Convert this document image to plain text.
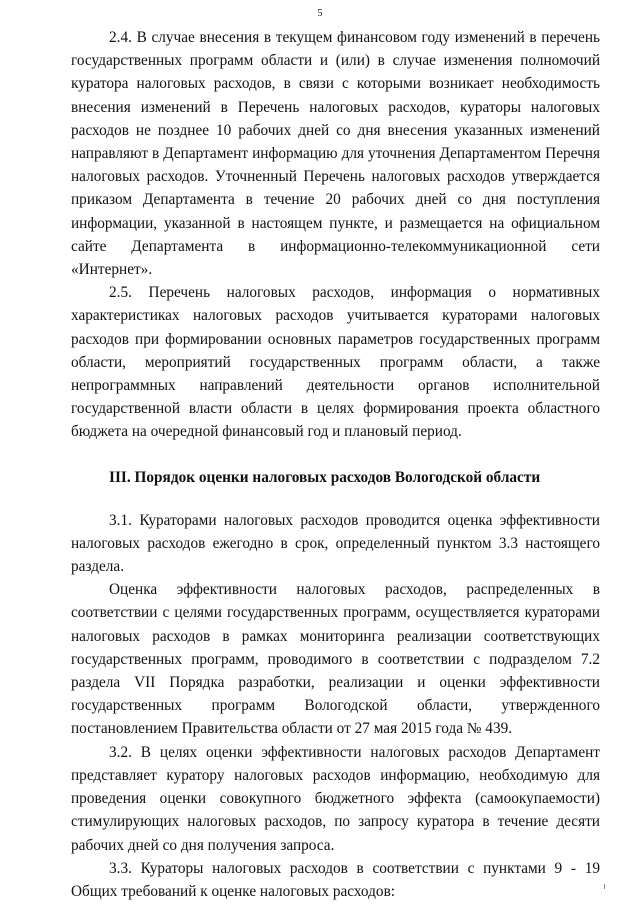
5

2.4. В случае внесения в текущем финансовом году изменений в перечень государственных программ области и (или) в случае изменения полномочий куратора налоговых расходов, в связи с которыми возникает необходимость внесения изменений в Перечень налоговых расходов, кураторы налоговых расходов не позднее 10 рабочих дней со дня внесения указанных изменений направляют в Департамент информацию для уточнения Департаментом Перечня налоговых расходов. Уточненный Перечень налоговых расходов утверждается приказом Департамента в течение 20 рабочих дней со дня поступления информации, указанной в настоящем пункте, и размещается на официальном сайте Департамента в информационно-телекоммуникационной сети «Интернет».

2.5. Перечень налоговых расходов, информация о нормативных характеристиках налоговых расходов учитывается кураторами налоговых расходов при формировании основных параметров государственных программ области, мероприятий государственных программ области, а также непрограммных направлений деятельности органов исполнительной государственной власти области в целях формирования проекта областного бюджета на очередной финансовый год и плановый период.

III. Порядок оценки налоговых расходов Вологодской области

3.1. Кураторами налоговых расходов проводится оценка эффективности налоговых расходов ежегодно в срок, определенный пунктом 3.3 настоящего раздела.

Оценка эффективности налоговых расходов, распределенных в соответствии с целями государственных программ, осуществляется кураторами налоговых расходов в рамках мониторинга реализации соответствующих государственных программ, проводимого в соответствии с подразделом 7.2 раздела VII Порядка разработки, реализации и оценки эффективности государственных программ Вологодской области, утвержденного постановлением Правительства области от 27 мая 2015 года № 439.

3.2. В целях оценки эффективности налоговых расходов Департамент представляет куратору налоговых расходов информацию, необходимую для проведения оценки совокупного бюджетного эффекта (самоокупаемости) стимулирующих налоговых расходов, по запросу куратора в течение десяти рабочих дней со дня получения запроса.

3.3. Кураторы налоговых расходов в соответствии с пунктами 9 - 19 Общих требований к оценке налоговых расходов:
